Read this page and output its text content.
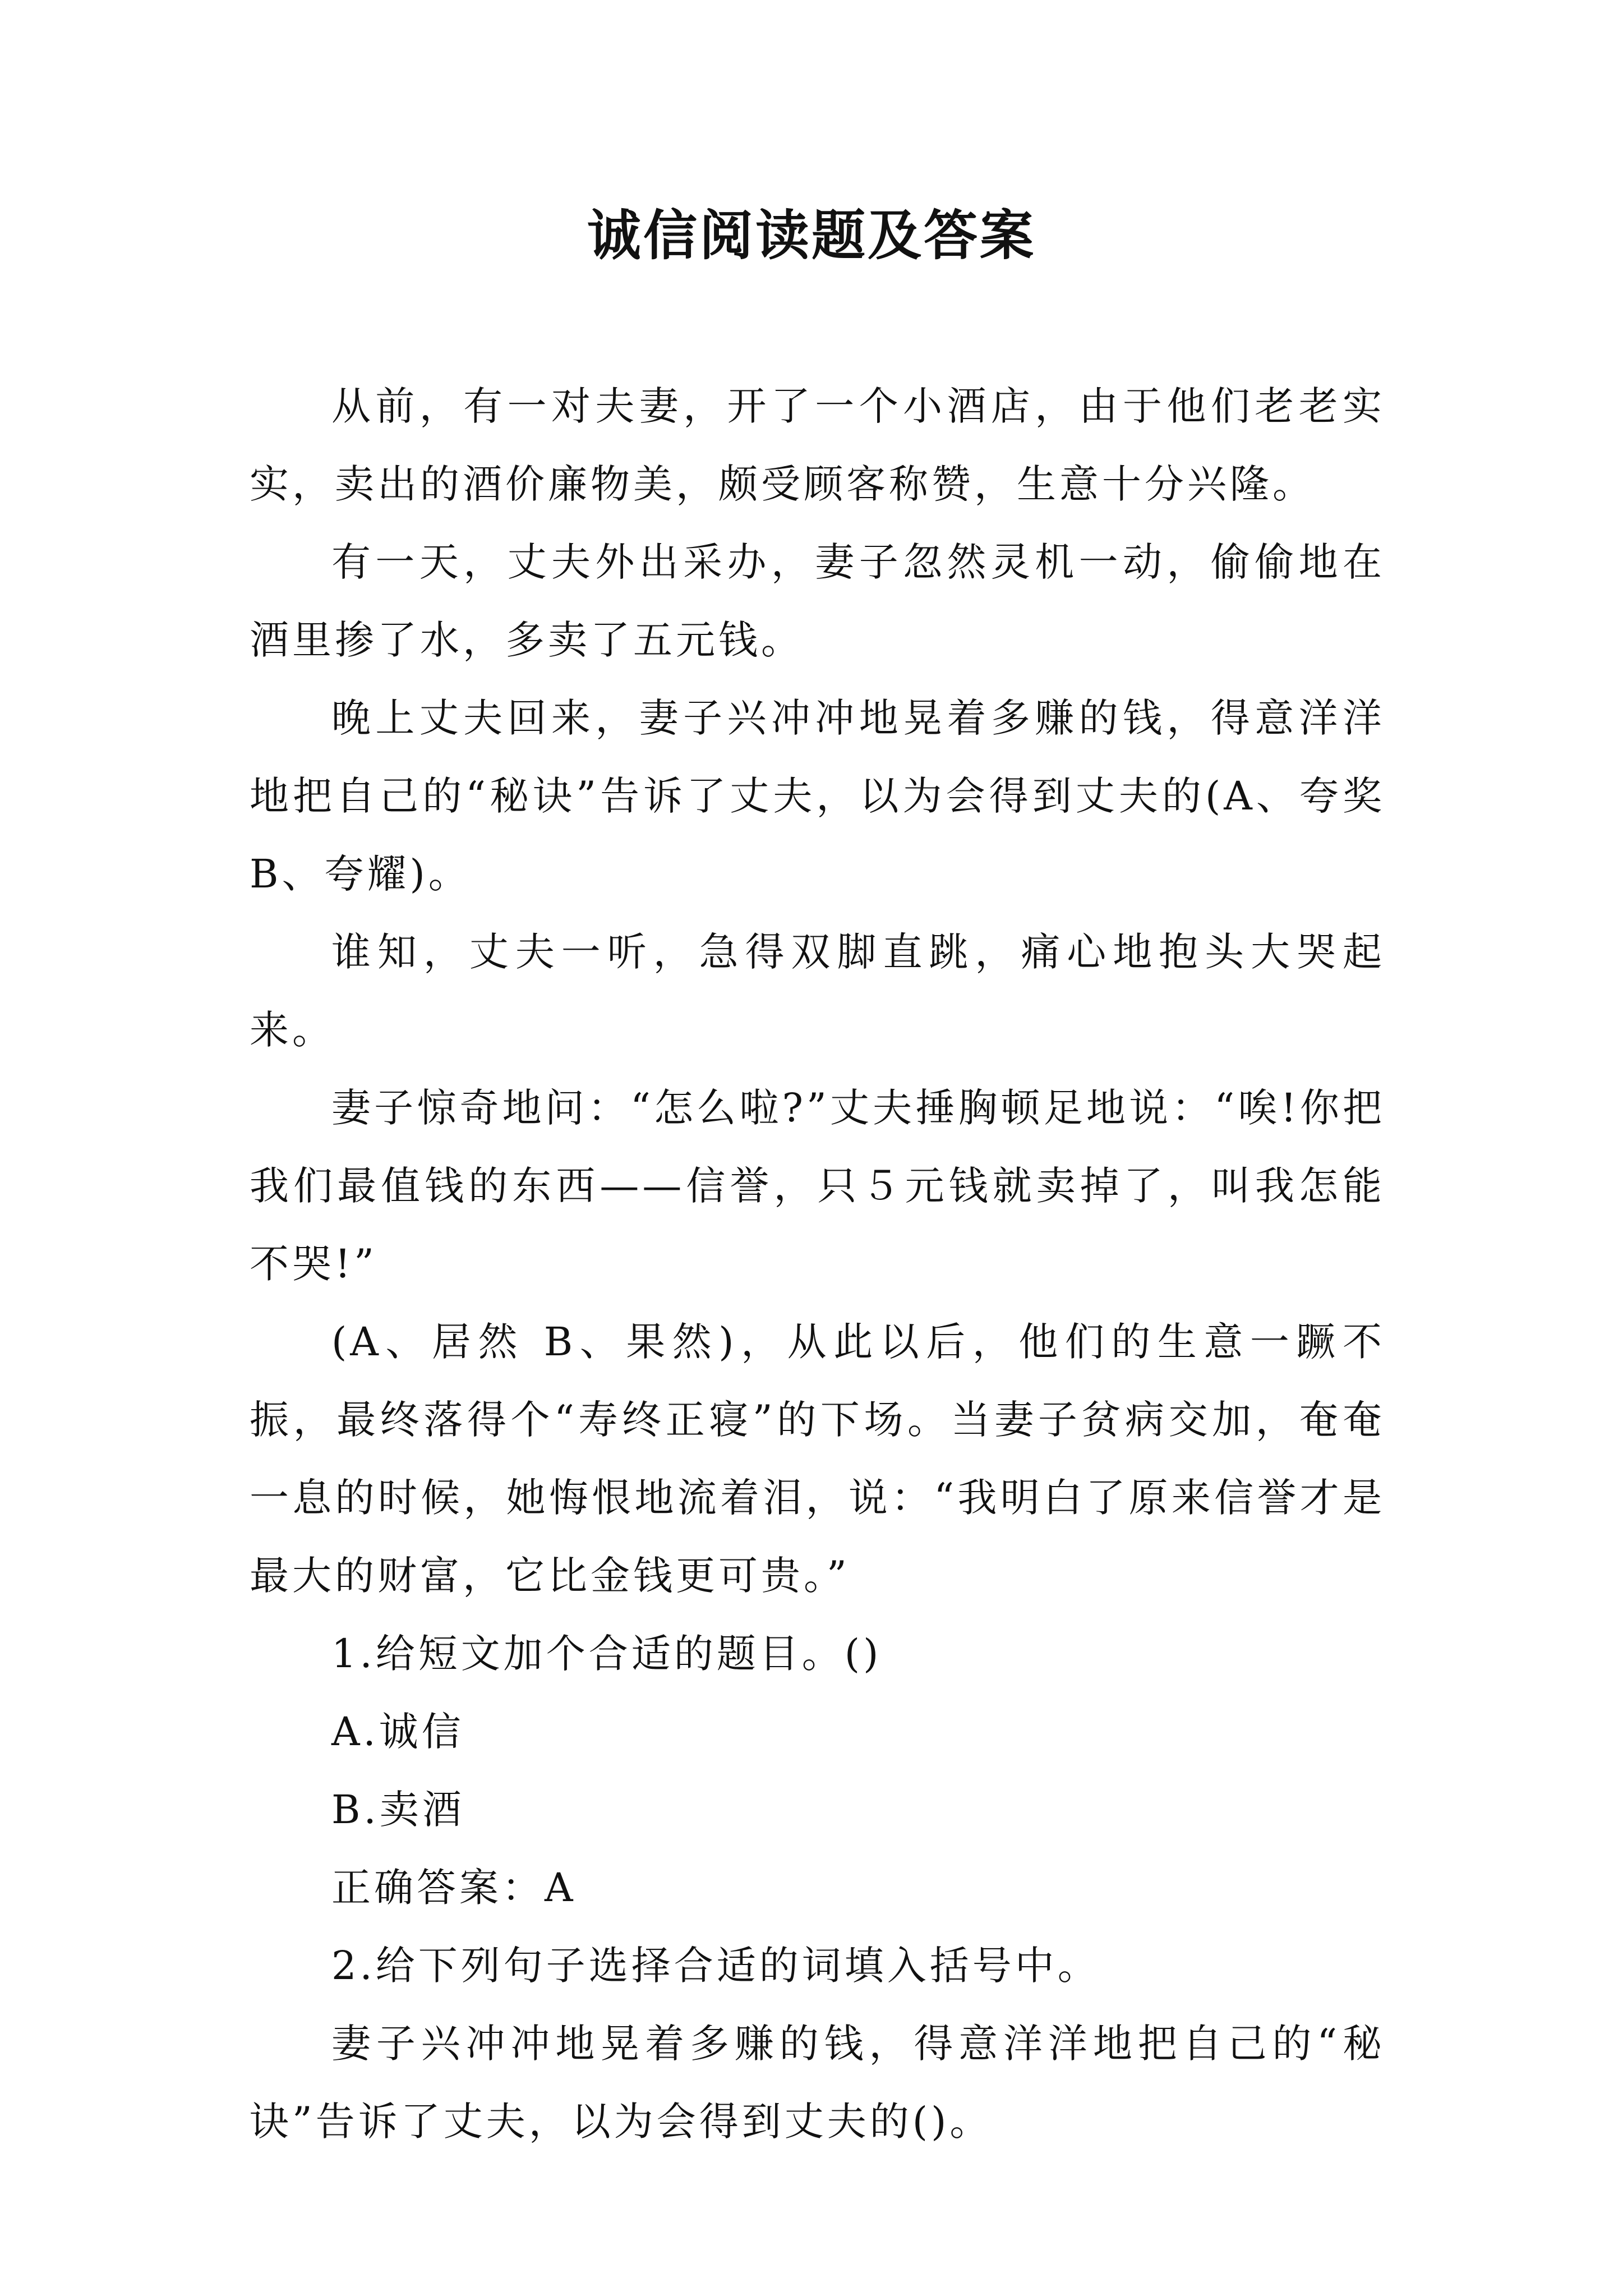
诚信阅读题及答案

从前，有一对夫妻，开了一个小酒店，由于他们老老实实，卖出的酒价廉物美，颇受顾客称赞，生意十分兴隆。

有一天，丈夫外出采办，妻子忽然灵机一动，偷偷地在酒里掺了水，多卖了五元钱。

晚上丈夫回来，妻子兴冲冲地晃着多赚的钱，得意洋洋地把自己的“秘诀”告诉了丈夫，以为会得到丈夫的(A、夸奖 B、夸耀)。

谁知，丈夫一听，急得双脚直跳，痛心地抱头大哭起来。

妻子惊奇地问：“怎么啦?”丈夫捶胸顿足地说：“唉!你把我们最值钱的东西——信誉，只５元钱就卖掉了，叫我怎能不哭!”

(A、居然 B、果然)，从此以后，他们的生意一蹶不振，最终落得个“寿终正寝”的下场。当妻子贫病交加，奄奄一息的时候，她悔恨地流着泪，说：“我明白了原来信誉才是最大的财富，它比金钱更可贵。”

1.给短文加个合适的题目。()

A.诚信

B.卖酒

正确答案：A

2.给下列句子选择合适的词填入括号中。

妻子兴冲冲地晃着多赚的钱，得意洋洋地把自己的“秘诀”告诉了丈夫，以为会得到丈夫的()。
